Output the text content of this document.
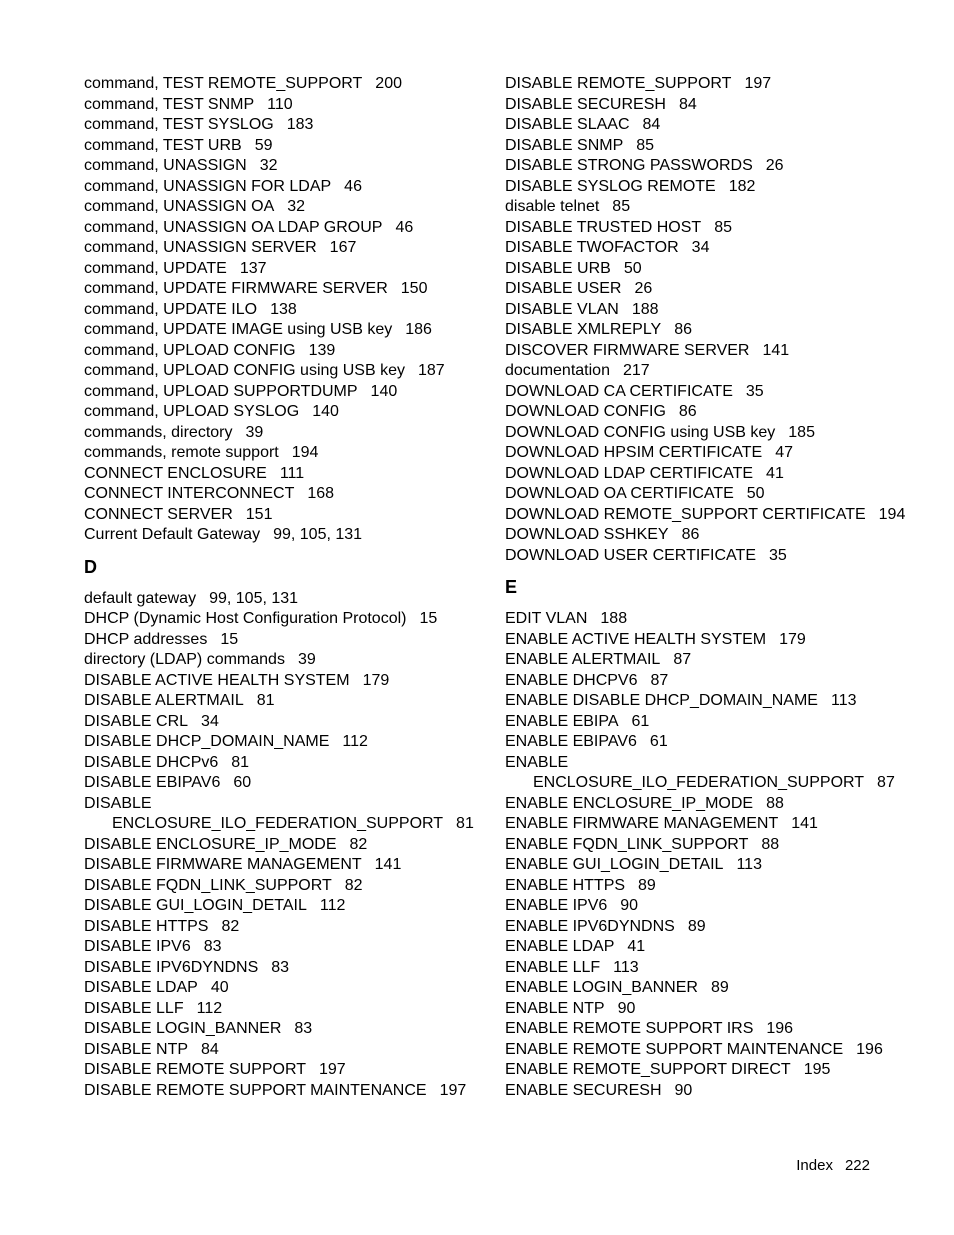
command, TEST REMOTE_SUPPORT 200
command, TEST SNMP 110
command, TEST SYSLOG 183
command, TEST URB 59
command, UNASSIGN 32
command, UNASSIGN FOR LDAP 46
command, UNASSIGN OA 32
command, UNASSIGN OA LDAP GROUP 46
command, UNASSIGN SERVER 167
command, UPDATE 137
command, UPDATE FIRMWARE SERVER 150
command, UPDATE ILO 138
command, UPDATE IMAGE using USB key 186
command, UPLOAD CONFIG 139
command, UPLOAD CONFIG using USB key 187
command, UPLOAD SUPPORTDUMP 140
command, UPLOAD SYSLOG 140
commands, directory 39
commands, remote support 194
CONNECT ENCLOSURE 111
CONNECT INTERCONNECT 168
CONNECT SERVER 151
Current Default Gateway 99, 105, 131
D
default gateway 99, 105, 131
DHCP (Dynamic Host Configuration Protocol) 15
DHCP addresses 15
directory (LDAP) commands 39
DISABLE ACTIVE HEALTH SYSTEM 179
DISABLE ALERTMAIL 81
DISABLE CRL 34
DISABLE DHCP_DOMAIN_NAME 112
DISABLE DHCPv6 81
DISABLE EBIPAV6 60
DISABLE
ENCLOSURE_ILO_FEDERATION_SUPPORT 81
DISABLE ENCLOSURE_IP_MODE 82
DISABLE FIRMWARE MANAGEMENT 141
DISABLE FQDN_LINK_SUPPORT 82
DISABLE GUI_LOGIN_DETAIL 112
DISABLE HTTPS 82
DISABLE IPV6 83
DISABLE IPV6DYNDNS 83
DISABLE LDAP 40
DISABLE LLF 112
DISABLE LOGIN_BANNER 83
DISABLE NTP 84
DISABLE REMOTE SUPPORT 197
DISABLE REMOTE SUPPORT MAINTENANCE 197
DISABLE REMOTE_SUPPORT 197
DISABLE SECURESH 84
DISABLE SLAAC 84
DISABLE SNMP 85
DISABLE STRONG PASSWORDS 26
DISABLE SYSLOG REMOTE 182
disable telnet 85
DISABLE TRUSTED HOST 85
DISABLE TWOFACTOR 34
DISABLE URB 50
DISABLE USER 26
DISABLE VLAN 188
DISABLE XMLREPLY 86
DISCOVER FIRMWARE SERVER 141
documentation 217
DOWNLOAD CA CERTIFICATE 35
DOWNLOAD CONFIG 86
DOWNLOAD CONFIG using USB key 185
DOWNLOAD HPSIM CERTIFICATE 47
DOWNLOAD LDAP CERTIFICATE 41
DOWNLOAD OA CERTIFICATE 50
DOWNLOAD REMOTE_SUPPORT CERTIFICATE 194
DOWNLOAD SSHKEY 86
DOWNLOAD USER CERTIFICATE 35
E
EDIT VLAN 188
ENABLE ACTIVE HEALTH SYSTEM 179
ENABLE ALERTMAIL 87
ENABLE DHCPV6 87
ENABLE DISABLE DHCP_DOMAIN_NAME 113
ENABLE EBIPA 61
ENABLE EBIPAV6 61
ENABLE
ENCLOSURE_ILO_FEDERATION_SUPPORT 87
ENABLE ENCLOSURE_IP_MODE 88
ENABLE FIRMWARE MANAGEMENT 141
ENABLE FQDN_LINK_SUPPORT 88
ENABLE GUI_LOGIN_DETAIL 113
ENABLE HTTPS 89
ENABLE IPV6 90
ENABLE IPV6DYNDNS 89
ENABLE LDAP 41
ENABLE LLF 113
ENABLE LOGIN_BANNER 89
ENABLE NTP 90
ENABLE REMOTE SUPPORT IRS 196
ENABLE REMOTE SUPPORT MAINTENANCE 196
ENABLE REMOTE_SUPPORT DIRECT 195
ENABLE SECURESH 90
Index 222
